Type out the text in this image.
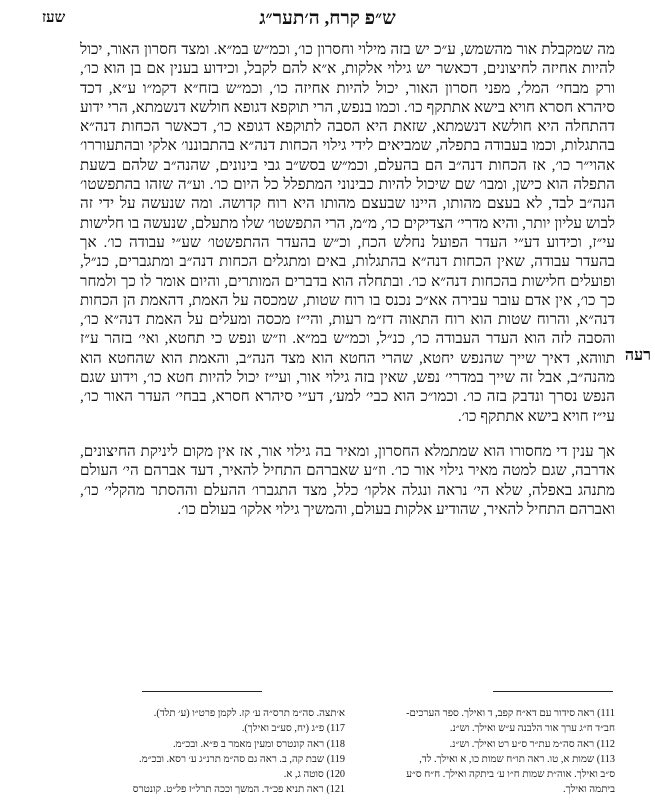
ש״פ קרח, ה׳תער״ג
שעז
רעה

מה שמקבלת אור מהשמש, ע״כ יש בזה מילוי וחסרון כו׳, וכמ״ש במ״א. ומצד חסרון האור, יכול להיות אחיזה לחיצונים, דכאשר יש גילוי אלקות, א״א להם לקבל, וכידוע בענין אם בן הוא כו׳, ורק מבחי׳ המל׳, מפני חסרון האור, יכול להיות אחיזה כו׳, וכמ״ש בזח״א דקמ״ו ע״א, דכד סיהרא חסרא חויא בישא אתתקף כו׳. וכמו בנפש, הרי תוקפא דגופא חולשא דנשמתא, הרי ידוע דהתחלה היא חולשא דנשמתא, שזאת היא הסבה לתוקפא דגופא כו׳, דכאשר הכחות דנה״א בהתגלות, וכמו בעבודה בתפלה, שמביאים לידי גילוי הכחות דנה״א בהתבוננו׳ אלקי ובהתעוררו׳ אהוי״ר כו׳, אז הכחות דנה״ב הם בהעלם, וכמ״ש בסש״ב גבי בינונים, שהנה״ב שלהם בשעת התפלה הוא כישן, ומבו׳ שם שיכול להיות כבינוני המתפלל כל היום כו׳. וע״ה שזהו בהתפשטו׳ הנה״ב לבד, לא בעצם מהותו, היינו שבעצם מהותו היא רוח קדושה. ומה שנעשה על ידי זה לבוש עליון יותר, והיא מדרי׳ הצדיקים כו׳, מ״מ, הרי התפשטו׳ שלו מתעלם, שנעשה בו חלישות עי״ז, וכידוע דע״י העדר הפועל נחלש הכח, וכ״ש בהעדר ההתפשטו׳ שע״י עבודה כו׳. אך בהעדר עבודה, שאין הכחות דנה״א בהתגלות, באים ומתגלים הכחות דנה״ב ומתגברים, כנ״ל, ופועלים חלישות בהכחות דנה״א כו׳. ובתחלה הוא בדברים המותרים, והיום אומר לו כך ולמחר כך כו׳, אין אדם עובר עבירה אא״כ נכנס בו רוח שטות, שמכסה על האמת, דהאמת הן הכחות דנה״א, והרוח שטות הוא רוח התאוה דז״מ רעות, והי״ז מכסה ומעלים על האמת דנה״א כו׳, והסבה לזה הוא העדר העבודה כו׳, כנ״ל, וכמ״ש במ״א. וז״ש ונפש כי תחטא, ואי׳ בזהר ע״ז תווהא, דאיך שייך שהנפש יחטא, שהרי החטא הוא מצד הנה״ב, והאמת הוא שהחטא הוא מהנה״ב, אבל זה שייך במדרי׳ נפש, שאין בזה גילוי אור, ועי״ז יכול להיות חטא כו׳, וידוע שגם הנפש נסרך ונדבק בזה כו׳. וכמו״כ הוא כבי׳ למע׳, דע״י סיהרא חסרא, בבחי׳ העדר האור כו׳, עי״ז חויא בישא אתתקף כו׳.

אך ענין די מחסורו הוא שמתמלא החסרון, ומאיר בה גילוי אור, אז אין מקום ליניקת החיצונים, אדרבה, שגם למטה מאיר גילוי אור כו׳. וז״ע שאברהם התחיל להאיר, דעד אברהם הי׳ העולם מתנהג באפלה, שלא הי׳ נראה ונגלה אלקו׳ כלל, מצד התגברו׳ ההעלם וההסתר מהקלי׳ כו׳, ואברהם התחיל להאיר, שהודיע אלקות בעולם, והמשיך גילוי אלקו׳ בעולם כו׳.

111) ראה סידור עם דא״ח קפב, ד ואילך. ספר הערכים-
חב״ד ח״ג ערך אור הלבנה ע״ש ואילך. וש״נ.
112) ראה סה״מ עת״ר ס״ע רט ואילך. וש״נ.
113) שמות א, טו. ראה תו״ח שמות כו, א ואילך. לד,
ס״ב ואילך. אוה״ת שמות ח״ו ע׳ ביתקה ואילך. ח״ח ס״ע
ביתמה ואילך.
א׳תצה. סה״מ תרס״ה ע׳ קז. לקמן פרט״ו (ע׳ תלד).
117) פ״ג (יח, סע״ב ואילך).
118) ראה קונטרס ומעין מאמר ב פ״א. ובכ״מ.
119) שבת קה, ב. ראה גם סה״מ תרנ״ג ע׳ רסא. ובכ״מ.
120) סוטה ג, א.
121) ראה תניא פכ״ד. המשך וככה תרל״ז פל״ט. קונטרס
